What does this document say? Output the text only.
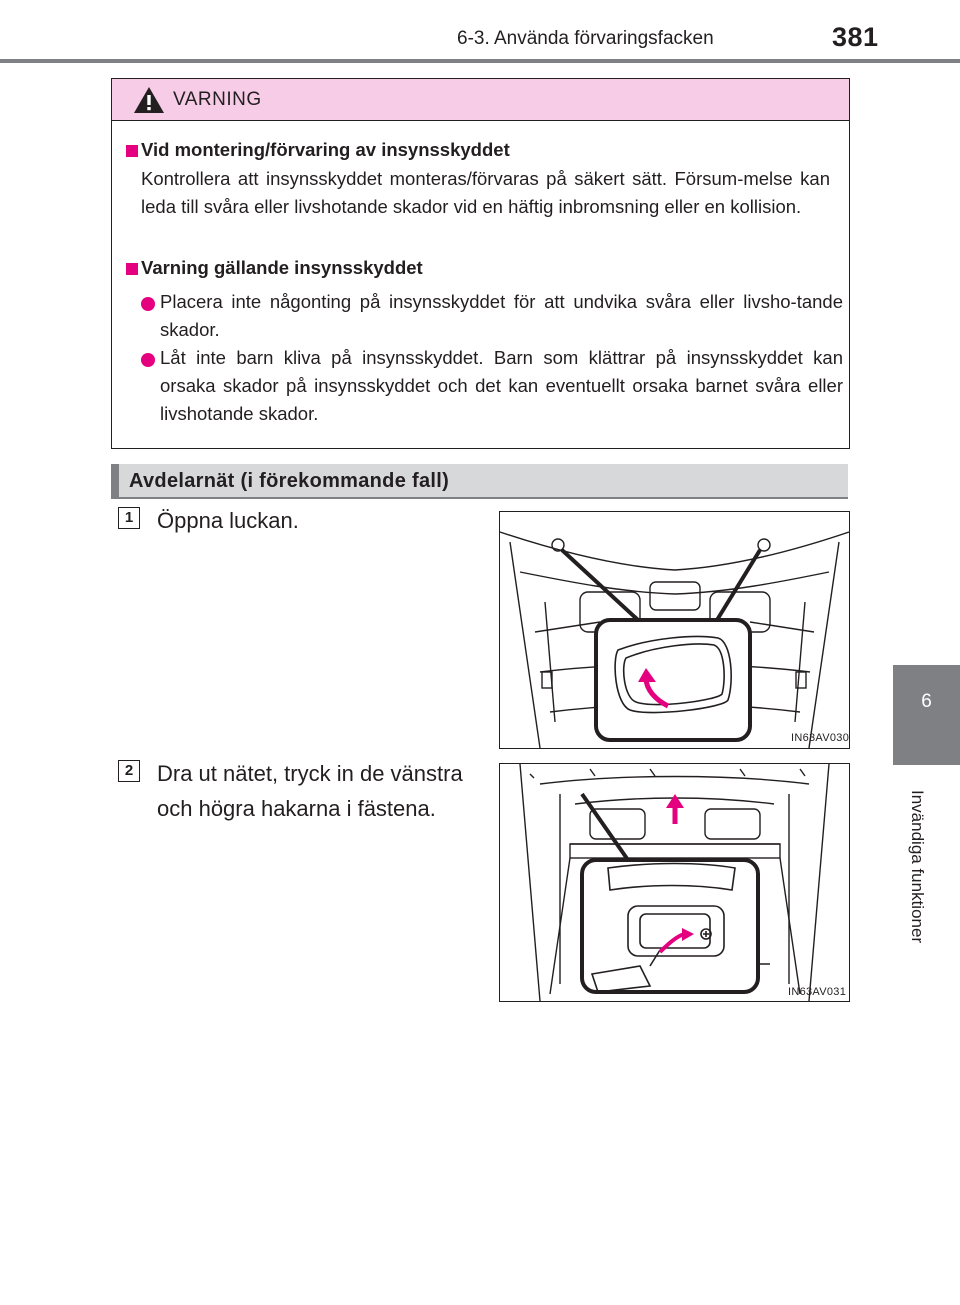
6-3. Använda förvaringsfacken	381
6
Invändiga funktioner
VARNING
Vid montering/förvaring av insynsskyddet
Kontrollera att insynsskyddet monteras/förvaras på säkert sätt. Försum-melse kan leda till svåra eller livshotande skador vid en häftig inbromsning eller en kollision.
Varning gällande insynsskyddet
Placera inte någonting på insynsskyddet för att undvika svåra eller livsho-tande skador.
Låt inte barn kliva på insynsskyddet. Barn som klättrar på insynsskyddet kan orsaka skador på insynsskyddet och det kan eventuellt orsaka barnet svåra eller livshotande skador.
Avdelarnät (i förekommande fall)
1	Öppna luckan.
IN63AV030
2	Dra ut nätet, tryck in de vänstra och högra hakarna i fästena.
IN63AV031
